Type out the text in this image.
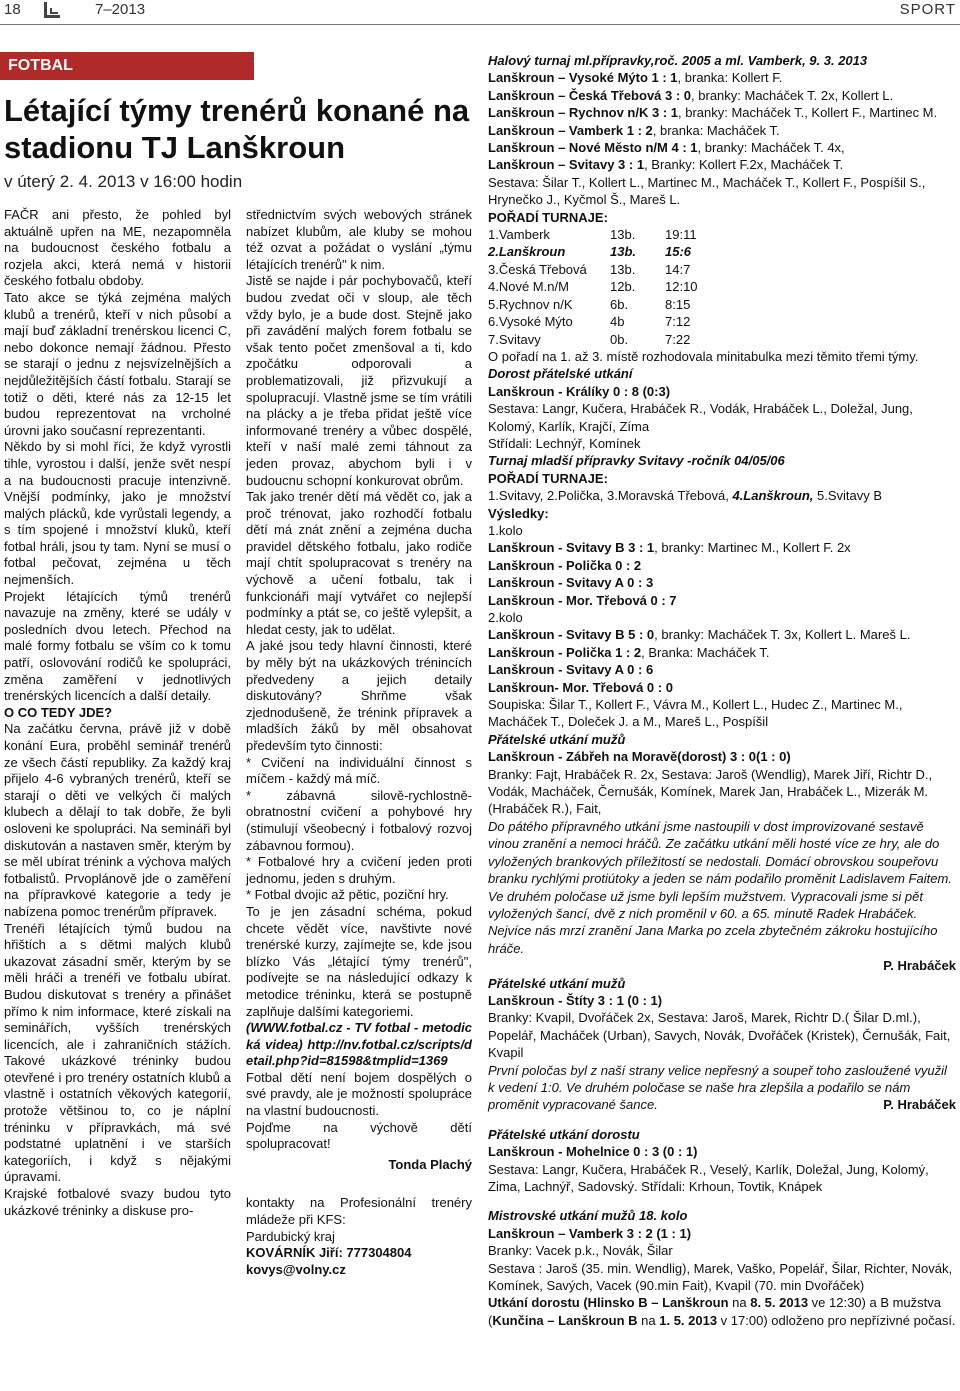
18	7–2013	SPORT
FOTBAL
Létající týmy trenérů konané na stadionu TJ Lanškroun
v úterý 2. 4. 2013 v 16:00 hodin

FAČR ani přesto, že pohled byl aktuálně upřen na ME, nezapomněla na budoucnost českého fotbalu a rozjela akci, která nemá v historii českého fotbalu obdoby.

Tato akce se týká zejména malých klubů a trenérů, kteří v nich působí a mají buď základní trenérskou licenci C, nebo dokonce nemají žádnou. Přesto se starají o jednu z nejsvízelnějších a nejdůležitějších částí fotbalu. Starají se totiž o děti, které nás za 12-15 let budou reprezentovat na vrcholné úrovni jako současní reprezentanti.

Někdo by si mohl říci, že když vyrostli tihle, vyrostou i další, jenže svět nespí a na budoucnosti pracuje intenzivně. Vnější podmínky, jako je množství malých plácků, kde vyrůstali legendy, a s tím spojené i množství kluků, kteří fotbal hráli, jsou ty tam. Nyní se musí o fotbal pečovat, zejména u těch nejmenších.

Projekt létajících týmů trenérů navazuje na změny, které se udály v posledních dvou letech. Přechod na malé formy fotbalu se vším co k tomu patří, oslovování rodičů ke spolupráci, změna zaměření v jednotlivých trenérských licencích a další detaily.

O CO TEDY JDE?

Na začátku června, právě již v době konání Eura, proběhl seminář trenérů ze všech částí republiky. Za každý kraj přijelo 4-6 vybraných trenérů, kteří se starají o děti ve velkých či malých klubech a dělají to tak dobře, že byli osloveni ke spolupráci. Na semináři byl diskutován a nastaven směr, kterým by se měl ubírat trénink a výchova malých fotbalistů. Prvoplánově jde o zaměření na přípravkové kategorie a tedy je nabízena pomoc trenérům přípravek.

Trenéři létajících týmů budou na hřištích a s dětmi malých klubů ukazovat zásadní směr, kterým by se měli hráči a trenéři ve fotbalu ubírat. Budou diskutovat s trenéry a přinášet přímo k nim informace, které získali na seminářích, vyšších trenérských licencích, ale i zahraničních stážích. Takové ukázkové tréninky budou otevřené i pro trenéry ostatních klubů a vlastně i ostatních věkových kategorií, protože většinou to, co je náplní tréninku v přípravkách, má své podstatné uplatnění i ve starších kategoriích, i když s nějakými úpravami.

Krajské fotbalové svazy budou tyto ukázkové tréninky a diskuse pro-

střednictvím svých webových stránek nabízet klubům, ale kluby se mohou též ozvat a požádat o vyslání „týmu létajících trenérů" k nim.

Jistě se najde i pár pochybovačů, kteří budou zvedat oči v sloup, ale těch vždy bylo, je a bude dost. Stejně jako při zavádění malých forem fotbalu se však tento počet zmenšoval a ti, kdo zpočátku odporovali a problematizovali, již přizvukují a spolupracují. Vlastně jsme se tím vrátili na plácky a je třeba přidat ještě více informované trenéry a vůbec dospělé, kteří v naší malé zemi táhnout za jeden provaz, abychom byli i v budoucnu schopní konkurovat obrům.

Tak jako trenér dětí má vědět co, jak a proč trénovat, jako rozhodčí fotbalu dětí má znát znění a zejména ducha pravidel dětského fotbalu, jako rodiče mají chtít spolupracovat s trenéry na výchově a učení fotbalu, tak i funkcionáři mají vytvářet co nejlepší podmínky a ptát se, co ještě vylepšit, a hledat cesty, jak to udělat.

A jaké jsou tedy hlavní činnosti, které by měly být na ukázkových trénincích předvedeny a jejich detaily diskutovány? Shrňme však zjednodušeně, že trénink přípravek a mladších žáků by měl obsahovat především tyto činnosti:

* Cvičení na individuální činnost s míčem - každý má míč.

* zábavná silově-rychlostně-obratnostní cvičení a pohybové hry (stimulují všeobecný i fotbalový rozvoj zábavnou formou).

* Fotbalové hry a cvičení jeden proti jednomu, jeden s druhým.

* Fotbal dvojic až pětic, poziční hry.

To je jen zásadní schéma, pokud chcete vědět více, navštivte nové trenérské kurzy, zajímejte se, kde jsou blízko Vás „létající týmy trenérů", podívejte se na následující odkazy k metodice tréninku, která se postupně zaplňuje dalšími kategoriemi.

(WWW.fotbal.cz - TV fotbal - metodická videa) http://nv.fotbal.cz/scripts/detail.php?id=81598&tmplid=1369

Fotbal dětí není bojem dospělých o své pravdy, ale je možností spolupráce na vlastní budoucnosti.

Pojďme na výchově dětí spolupracovat!

Tonda Plachý

kontakty na Profesionální trenéry mládeže při KFS:

Pardubický kraj

KOVÁRNÍK Jiří: 777304804

kovys@volny.cz

Halový turnaj ml.přípravky,roč. 2005 a ml. Vamberk, 9. 3. 2013

Lanškroun – Vysoké Mýto 1 : 1, branka: Kollert F.

Lanškroun – Česká Třebová 3 : 0, branky: Macháček T. 2x, Kollert L.

Lanškroun – Rychnov n/K 3 : 1, branky: Macháček T., Kollert F., Martinec M.

Lanškroun – Vamberk 1 : 2, branka: Macháček T.

Lanškroun – Nové Město n/M 4 : 1, branky: Macháček T. 4x,

Lanškroun – Svitavy 3 : 1, Branky: Kollert F.2x, Macháček T.

Sestava: Šilar T., Kollert L., Martinec M., Macháček T., Kollert F., Pospíšil S., Hrynečko J., Kyčmol Š., Mareš L.

POŘADÍ TURNAJE:

1.Vamberk	13b.	19:11
2.Lanškroun	13b.	15:6
3.Česká Třebová	13b.	14:7
4.Nové M.n/M	12b.	12:10
5.Rychnov n/K	6b.	8:15
6.Vysoké Mýto	4b	7:12
7.Svitavy	0b.	7:22

O pořadí na 1. až 3. místě rozhodovala minitabulka mezi těmito třemi týmy.

Dorost přátelské utkání

Lanškroun - Králíky 0 : 8 (0:3)

Sestava: Langr, Kučera, Hrabáček R., Vodák, Hrabáček L., Doležal, Jung, Kolomý, Karlík, Krajčí, Zíma

Střídali: Lechnýř, Komínek

Turnaj mladší přípravky Svitavy -ročník 04/05/06

POŘADÍ TURNAJE:

1.Svitavy, 2.Polička, 3.Moravská Třebová, 4.Lanškroun, 5.Svitavy B

Výsledky:

1.kolo

Lanškroun - Svitavy B 3 : 1, branky: Martinec M., Kollert F. 2x

Lanškroun - Polička 0 : 2

Lanškroun - Svitavy A 0 : 3

Lanškroun - Mor. Třebová 0 : 7

2.kolo

Lanškroun - Svitavy B 5 : 0, branky: Macháček T. 3x, Kollert L. Mareš L.

Lanškroun - Polička 1 : 2, Branka: Macháček T.

Lanškroun - Svitavy A 0 : 6

Lanškroun- Mor. Třebová 0 : 0

Soupiska: Šilar T., Kollert F., Vávra M., Kollert L., Hudec Z., Martinec M., Macháček T., Doleček J. a M., Mareš L., Pospíšil

Přátelské utkání mužů

Lanškroun - Zábřeh na Moravě(dorost) 3 : 0(1 : 0)

Branky: Fajt, Hrabáček R. 2x, Sestava: Jaroš (Wendlig), Marek Jiří, Richtr D., Vodák, Macháček, Černušák, Komínek, Marek Jan, Hrabáček L., Mizerák M.(Hrabáček R.), Fait,

Do pátého přípravného utkání jsme nastoupili v dost improvizované sestavě vinou zranění a nemoci hráčů. Ze začátku utkání měli hosté více ze hry, ale do vyložených brankových příležitostí se nedostali. Domácí obrovskou soupeřovu branku rychlými protiútoky a jeden se nám podařilo proměnit Ladislavem Faitem.

Ve druhém poločase už jsme byli lepším mužstvem. Vypracovali jsme si pět vyložených šancí, dvě z nich proměnil v 60. a 65. minutě Radek Hrabáček. Nejvíce nás mrzí zranění Jana Marka po zcela zbytečném zákroku hostujícího hráče.

P. Hrabáček

Přátelské utkání mužů

Lanškroun - Štíty 3 : 1 (0 : 1)

Branky: Kvapil, Dvořáček 2x, Sestava: Jaroš, Marek, Richtr D.( Šilar D.ml.), Popelář, Macháček (Urban), Savych, Novák, Dvořáček (Kristek), Černušák, Fait, Kvapil

První poločas byl z naší strany velice nepřesný a soupeř toho zasloužené využil k vedení 1:0. Ve druhém poločase se naše hra zlepšila a podařilo se nám proměnit vypracované šance.	P. Hrabáček

Přátelské utkání dorostu

Lanškroun - Mohelnice 0 : 3 (0 : 1)

Sestava: Langr, Kučera, Hrabáček R., Veselý, Karlík, Doležal, Jung, Kolomý, Zima, Lachnýř, Sadovský. Střídali: Krhoun, Tovtik, Knápek

Mistrovské utkání mužů 18. kolo

Lanškroun – Vamberk 3 : 2 (1 : 1)

Branky: Vacek p.k., Novák, Šilar

Sestava : Jaroš (35. min. Wendlig), Marek, Vaško, Popelář, Šilar, Richter, Novák, Komínek, Savých, Vacek (90.min Fait), Kvapil (70. min Dvořáček)

Utkání dorostu (Hlinsko B – Lanškroun na 8. 5. 2013 ve 12:30) a B mužstva (Kunčina – Lanškroun B na 1. 5. 2013 v 17:00) odloženo pro nepřízivné počasí.
